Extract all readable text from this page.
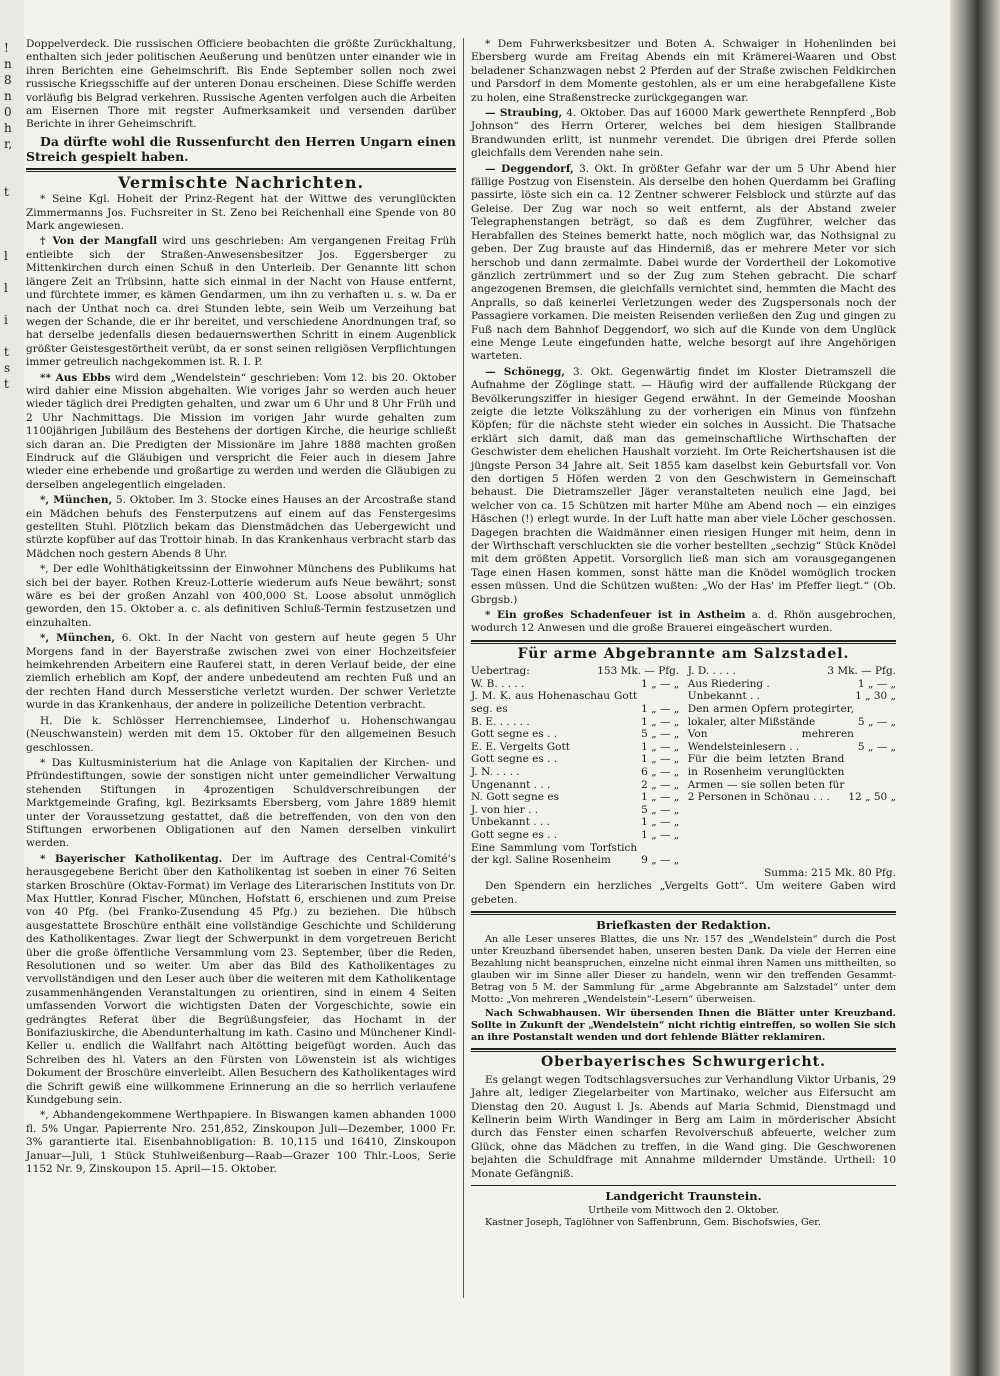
!
n
8
n
0
h
r,

t

l

l

i

t
s
t

Doppelverdeck. Die russischen Officiere beobachten die größte Zurückhaltung, enthalten sich jeder politischen Aeußerung und benützen unter einander wie in ihren Berichten eine Geheimschrift. Bis Ende September sollen noch zwei russische Kriegsschiffe auf der unteren Donau erscheinen. Diese Schiffe werden vorläufig bis Belgrad verkehren. Russische Agenten verfolgen auch die Arbeiten am Eisernen Thore mit regster Aufmerksamkeit und versenden darüber Berichte in ihrer Geheimschrift.

Da dürfte wohl die Russenfurcht den Herren Ungarn einen Streich gespielt haben.

Vermischte Nachrichten.

* Seine Kgl. Hoheit der Prinz-Regent hat der Wittwe des verunglückten Zimmermanns Jos. Fuchsreiter in St. Zeno bei Reichenhall eine Spende von 80 Mark angewiesen.

† Von der Mangfall wird uns geschrieben: Am vergangenen Freitag Früh entleibte sich der Straßen-Anwesensbesitzer Jos. Eggersberger zu Mittenkirchen durch einen Schuß in den Unterleib. Der Genannte litt schon längere Zeit an Trübsinn, hatte sich einmal in der Nacht von Hause entfernt, und fürchtete immer, es kämen Gendarmen, um ihn zu verhaften u. s. w. Da er nach der Unthat noch ca. drei Stunden lebte, sein Weib um Verzeihung bat wegen der Schande, die er ihr bereitet, und verschiedene Anordnungen traf, so hat derselbe jedenfalls diesen bedauernswerthen Schritt in einem Augenblick größter Geistesgestörtheit verübt, da er sonst seinen religiösen Verpflichtungen immer getreulich nachgekommen ist. R. I. P.

** Aus Ebbs wird dem „Wendelstein“ geschrieben: Vom 12. bis 20. Oktober wird dahier eine Mission abgehalten. Wie voriges Jahr so werden auch heuer wieder täglich drei Predigten gehalten, und zwar um 6 Uhr und 8 Uhr Früh und 2 Uhr Nachmittags. Die Mission im vorigen Jahr wurde gehalten zum 1100jährigen Jubiläum des Bestehens der dortigen Kirche, die heurige schließt sich daran an. Die Predigten der Missionäre im Jahre 1888 machten großen Eindruck auf die Gläubigen und verspricht die Feier auch in diesem Jahre wieder eine erhebende und großartige zu werden und werden die Gläubigen zu derselben angelegentlich eingeladen.

*, München, 5. Oktober. Im 3. Stocke eines Hauses an der Arcostraße stand ein Mädchen behufs des Fensterputzens auf einem auf das Fenstergesims gestellten Stuhl. Plötzlich bekam das Dienstmädchen das Uebergewicht und stürzte kopfüber auf das Trottoir hinab. In das Krankenhaus verbracht starb das Mädchen noch gestern Abends 8 Uhr.

*, Der edle Wohlthätigkeitssinn der Einwohner Münchens des Publikums hat sich bei der bayer. Rothen Kreuz-Lotterie wiederum aufs Neue bewährt; sonst wäre es bei der großen Anzahl von 400,000 St. Loose absolut unmöglich geworden, den 15. Oktober a. c. als definitiven Schluß-Termin festzusetzen und einzuhalten.

*, München, 6. Okt. In der Nacht von gestern auf heute gegen 5 Uhr Morgens fand in der Bayerstraße zwischen zwei von einer Hochzeitsfeier heimkehrenden Arbeitern eine Rauferei statt, in deren Verlauf beide, der eine ziemlich erheblich am Kopf, der andere unbedeutend am rechten Fuß und an der rechten Hand durch Messerstiche verletzt wurden. Der schwer Verletzte wurde in das Krankenhaus, der andere in polizeiliche Detention verbracht.

H. Die k. Schlösser Herrenchiemsee, Linderhof u. Hohenschwangau (Neuschwanstein) werden mit dem 15. Oktober für den allgemeinen Besuch geschlossen.

* Das Kultusministerium hat die Anlage von Kapitalien der Kirchen- und Pfründestiftungen, sowie der sonstigen nicht unter gemeindlicher Verwaltung stehenden Stiftungen in 4prozentigen Schuldverschreibungen der Marktgemeinde Grafing, kgl. Bezirksamts Ebersberg, vom Jahre 1889 hiemit unter der Voraussetzung gestattet, daß die betreffenden, von den von den Stiftungen erworbenen Obligationen auf den Namen derselben vinkulirt werden.

* Bayerischer Katholikentag. Der im Auftrage des Central-Comité's herausgegebene Bericht über den Katholikentag ist soeben in einer 76 Seiten starken Broschüre (Oktav-Format) im Verlage des Literarischen Instituts von Dr. Max Huttler, Konrad Fischer, München, Hofstatt 6, erschienen und zum Preise von 40 Pfg. (bei Franko-Zusendung 45 Pfg.) zu beziehen. Die hübsch ausgestattete Broschüre enthält eine vollständige Geschichte und Schilderung des Katholikentages. Zwar liegt der Schwerpunkt in dem vorgetreuen Bericht über die große öffentliche Versammlung vom 23. September, über die Reden, Resolutionen und so weiter. Um aber das Bild des Katholikentages zu vervollständigen und den Leser auch über die weiteren mit dem Katholikentage zusammenhängenden Veranstaltungen zu orientiren, sind in einem 4 Seiten umfassenden Vorwort die wichtigsten Daten der Vorgeschichte, sowie ein gedrängtes Referat über die Begrüßungsfeier, das Hochamt in der Bonifaziuskirche, die Abendunterhaltung im kath. Casino und Münchener Kindl-Keller u. endlich die Wallfahrt nach Altötting beigefügt worden. Auch das Schreiben des hl. Vaters an den Fürsten von Löwenstein ist als wichtiges Dokument der Broschüre einverleibt. Allen Besuchern des Katholikentages wird die Schrift gewiß eine willkommene Erinnerung an die so herrlich verlaufene Kundgebung sein.

*, Abhandengekommene Werthpapiere. In Biswangen kamen abhanden 1000 fl. 5% Ungar. Papierrente Nro. 251,852, Zinskoupon Juli—Dezember, 1000 Fr. 3% garantierte ital. Eisenbahnobligation: B. 10,115 und 16410, Zinskoupon Januar—Juli, 1 Stück Stuhlweißenburg—Raab—Grazer 100 Thlr.-Loos, Serie 1152 Nr. 9, Zinskoupon 15. April—15. Oktober.

* Dem Fuhrwerksbesitzer und Boten A. Schwaiger in Hohenlinden bei Ebersberg wurde am Freitag Abends ein mit Krämerei-Waaren und Obst beladener Schanzwagen nebst 2 Pferden auf der Straße zwischen Feldkirchen und Parsdorf in dem Momente gestohlen, als er um eine herabgefallene Kiste zu holen, eine Straßenstrecke zurückgegangen war.

— Straubing, 4. Oktober. Das auf 16000 Mark gewerthete Rennpferd „Bob Johnson“ des Herrn Orterer, welches bei dem hiesigen Stallbrande Brandwunden erlitt, ist nunmehr verendet. Die übrigen drei Pferde sollen gleichfalls dem Verenden nahe sein.

— Deggendorf, 3. Okt. In größter Gefahr war der um 5 Uhr Abend hier fällige Postzug von Eisenstein. Als derselbe den hohen Querdamm bei Grafling passirte, löste sich ein ca. 12 Zentner schwerer Felsblock und stürzte auf das Geleise. Der Zug war noch so weit entfernt, als der Abstand zweier Telegraphenstangen beträgt, so daß es dem Zugführer, welcher das Herabfallen des Steines bemerkt hatte, noch möglich war, das Nothsignal zu geben. Der Zug brauste auf das Hinderniß, das er mehrere Meter vor sich herschob und dann zermalmte. Dabei wurde der Vordertheil der Lokomotive gänzlich zertrümmert und so der Zug zum Stehen gebracht. Die scharf angezogenen Bremsen, die gleichfalls vernichtet sind, hemmten die Macht des Anpralls, so daß keinerlei Verletzungen weder des Zugspersonals noch der Passagiere vorkamen. Die meisten Reisenden verließen den Zug und gingen zu Fuß nach dem Bahnhof Deggendorf, wo sich auf die Kunde von dem Unglück eine Menge Leute eingefunden hatte, welche besorgt auf ihre Angehörigen warteten.

— Schönegg, 3. Okt. Gegenwärtig findet im Kloster Dietramszell die Aufnahme der Zöglinge statt. — Häufig wird der auffallende Rückgang der Bevölkerungsziffer in hiesiger Gegend erwähnt. In der Gemeinde Mooshan zeigte die letzte Volkszählung zu der vorherigen ein Minus von fünfzehn Köpfen; für die nächste steht wieder ein solches in Aussicht. Die Thatsache erklärt sich damit, daß man das gemeinschaftliche Wirthschaften der Geschwister dem ehelichen Haushalt vorzieht. Im Orte Reichertshausen ist die jüngste Person 34 Jahre alt. Seit 1855 kam daselbst kein Geburtsfall vor. Von den dortigen 5 Höfen werden 2 von den Geschwistern in Gemeinschaft behaust. Die Dietramszeller Jäger veranstalteten neulich eine Jagd, bei welcher von ca. 15 Schützen mit harter Mühe am Abend noch — ein einziges Häschen (!) erlegt wurde. In der Luft hatte man aber viele Löcher geschossen. Dagegen brachten die Waidmänner einen riesigen Hunger mit heim, denn in der Wirthschaft verschluckten sie die vorher bestellten „sechzig“ Stück Knödel mit dem größten Appetit. Vorsorglich ließ man sich am vorausgegangenen Tage einen Hasen kommen, sonst hätte man die Knödel womöglich trocken essen müssen. Und die Schützen wußten: „Wo der Has' im Pfeffer liegt.“ (Ob. Gbrgsb.)

* Ein großes Schadenfeuer ist in Astheim a. d. Rhön ausgebrochen, wodurch 12 Anwesen und die große Brauerei eingeäschert wurden.

Für arme Abgebrannte am Salzstadel.
Uebertrag:	153 Mk. — Pfg.
W. B. . . . .	1 „ — „
J. M. K. aus Hohenaschau Gott seg. es	1 „ — „
B. E. . . . . .	1 „ — „
Gott segne es . .	5 „ — „
E. E. Vergelts Gott	1 „ — „
Gott segne es . .	1 „ — „
J. N. . . . .	6 „ — „
Ungenannt . . .	2 „ — „
N. Gott segne es	1 „ — „
J. von hier . .	5 „ — „
Unbekannt . . .	1 „ — „
Gott segne es . .	1 „ — „
Eine Sammlung vom Torfstich der kgl. Saline Rosenheim	9 „ — „
J. D. . . . .	3 Mk. — Pfg.
Aus Riedering .	1 „ — „
Unbekannt . .	1 „ 30 „
Den armen Opfern protegirter, lokaler, alter Mißstände	5 „ — „
Von mehreren Wendelsteinlesern . .	5 „ — „
Für die beim letzten Brand in Rosenheim verunglückten Armen — sie sollen beten für 2 Personen in Schönau . . .	12 „ 50 „
Summa: 215 Mk. 80 Pfg.

Den Spendern ein herzliches „Vergelts Gott“. Um weitere Gaben wird gebeten.

Briefkasten der Redaktion.

An alle Leser unseres Blattes, die uns Nr. 157 des „Wendelstein“ durch die Post unter Kreuzband übersendet haben, unseren besten Dank. Da viele der Herren eine Bezahlung nicht beanspruchen, einzelne nicht einmal ihren Namen uns mittheilten, so glauben wir im Sinne aller Dieser zu handeln, wenn wir den treffenden Gesammt-Betrag von 5 M. der Sammlung für „arme Abgebrannte am Salzstadel“ unter dem Motto: „Von mehreren „Wendelstein“-Lesern“ überweisen.

Nach Schwabhausen. Wir übersenden Ihnen die Blätter unter Kreuzband. Sollte in Zukunft der „Wendelstein“ nicht richtig eintreffen, so wollen Sie sich an ihre Postanstalt wenden und dort fehlende Blätter reklamiren.

Oberbayerisches Schwurgericht.

Es gelangt wegen Todtschlagsversuches zur Verhandlung Viktor Urbanis, 29 Jahre alt, lediger Ziegelarbeiter von Martinako, welcher aus Eifersucht am Dienstag den 20. August l. Js. Abends auf Maria Schmid, Dienstmagd und Kellnerin beim Wirth Wandinger in Berg am Laim in mörderischer Absicht durch das Fenster einen scharfen Revolverschuß abfeuerte, welcher zum Glück, ohne das Mädchen zu treffen, in die Wand ging. Die Geschworenen bejahten die Schuldfrage mit Annahme mildernder Umstände. Urtheil: 10 Monate Gefängniß.

Landgericht Traunstein.
Urtheile vom Mittwoch den 2. Oktober.

Kastner Joseph, Taglöhner von Saffenbrunn, Gem. Bischofswies, Ger.
